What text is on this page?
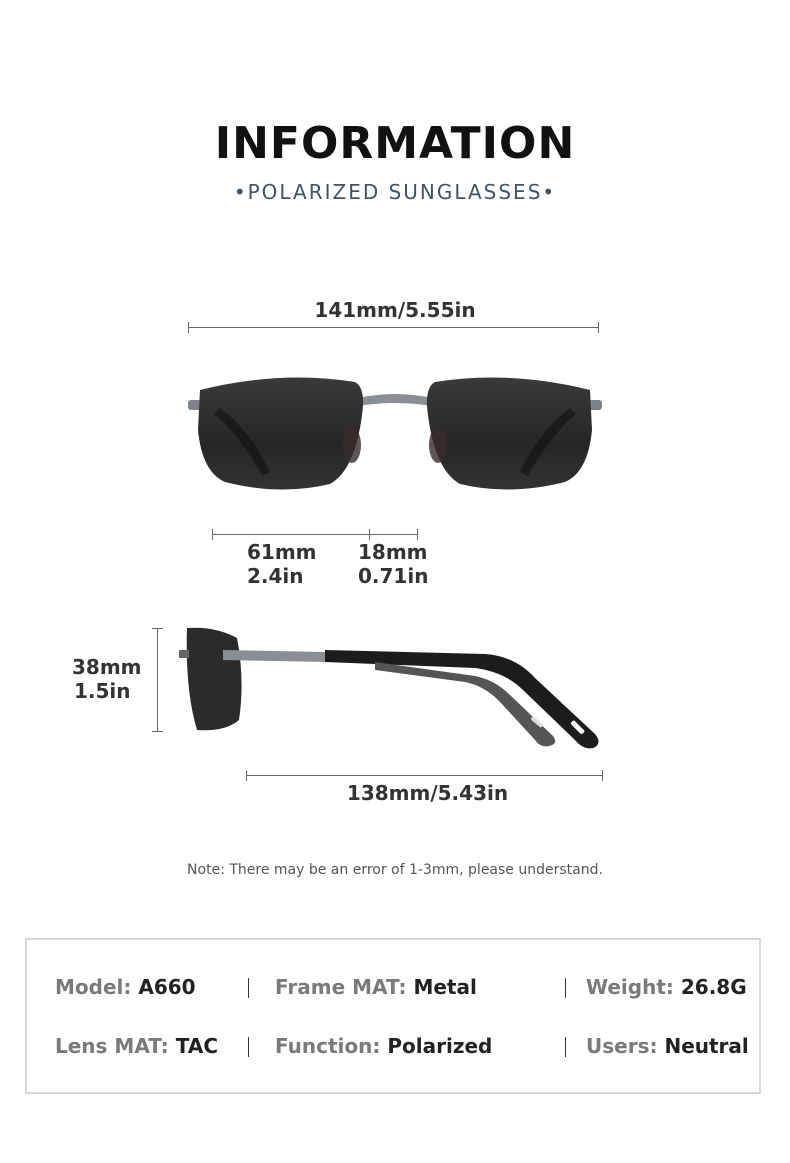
INFORMATION
•POLARIZED SUNGLASSES•
141mm/5.55in
61mm
2.4in
18mm
0.71in
38mm
1.5in
138mm/5.43in
Note: There may be an error of 1-3mm, please understand.
Model: A660	Frame MAT: Metal	Weight: 26.8G
Lens MAT: TAC	Function: Polarized	Users: Neutral
